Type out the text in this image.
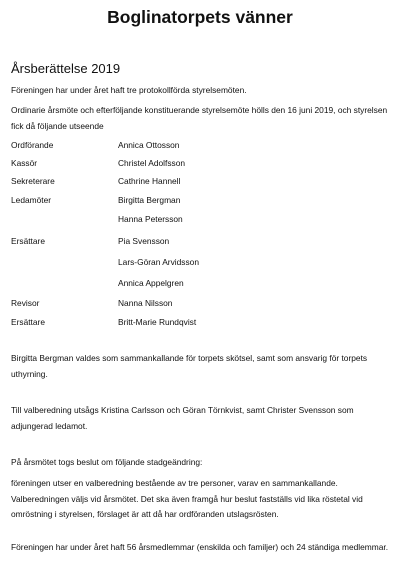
Boglinatorpets vänner
Årsberättelse 2019
Föreningen har under året haft tre protokollförda styrelsemöten.
Ordinarie årsmöte och efterföljande konstituerande styrelsemöte hölls den 16 juni 2019, och styrelsen fick då följande utseende
Ordförande	Annica Ottosson
Kassör	Christel Adolfsson
Sekreterare	Cathrine Hannell
Ledamöter	Birgitta Bergman
Hanna Petersson
Ersättare	Pia Svensson
Lars-Göran Arvidsson
Annica Appelgren
Revisor	Nanna Nilsson
Ersättare	Britt-Marie Rundqvist
Birgitta Bergman valdes som sammankallande för torpets skötsel, samt som ansvarig för torpets uthyrning.
Till valberedning utsågs Kristina Carlsson och Göran Törnkvist, samt Christer Svensson som adjungerad ledamot.
På årsmötet togs beslut om följande stadgeändring:
föreningen utser en valberedning bestående av tre personer, varav en sammankallande. Valberedningen väljs vid årsmötet. Det ska även framgå hur beslut fastställs vid lika röstetal vid omröstning i styrelsen, förslaget är att då har ordföranden utslagsrösten.
Föreningen har under året haft 56 årsmedlemmar (enskilda och familjer) och 24 ständiga medlemmar.
